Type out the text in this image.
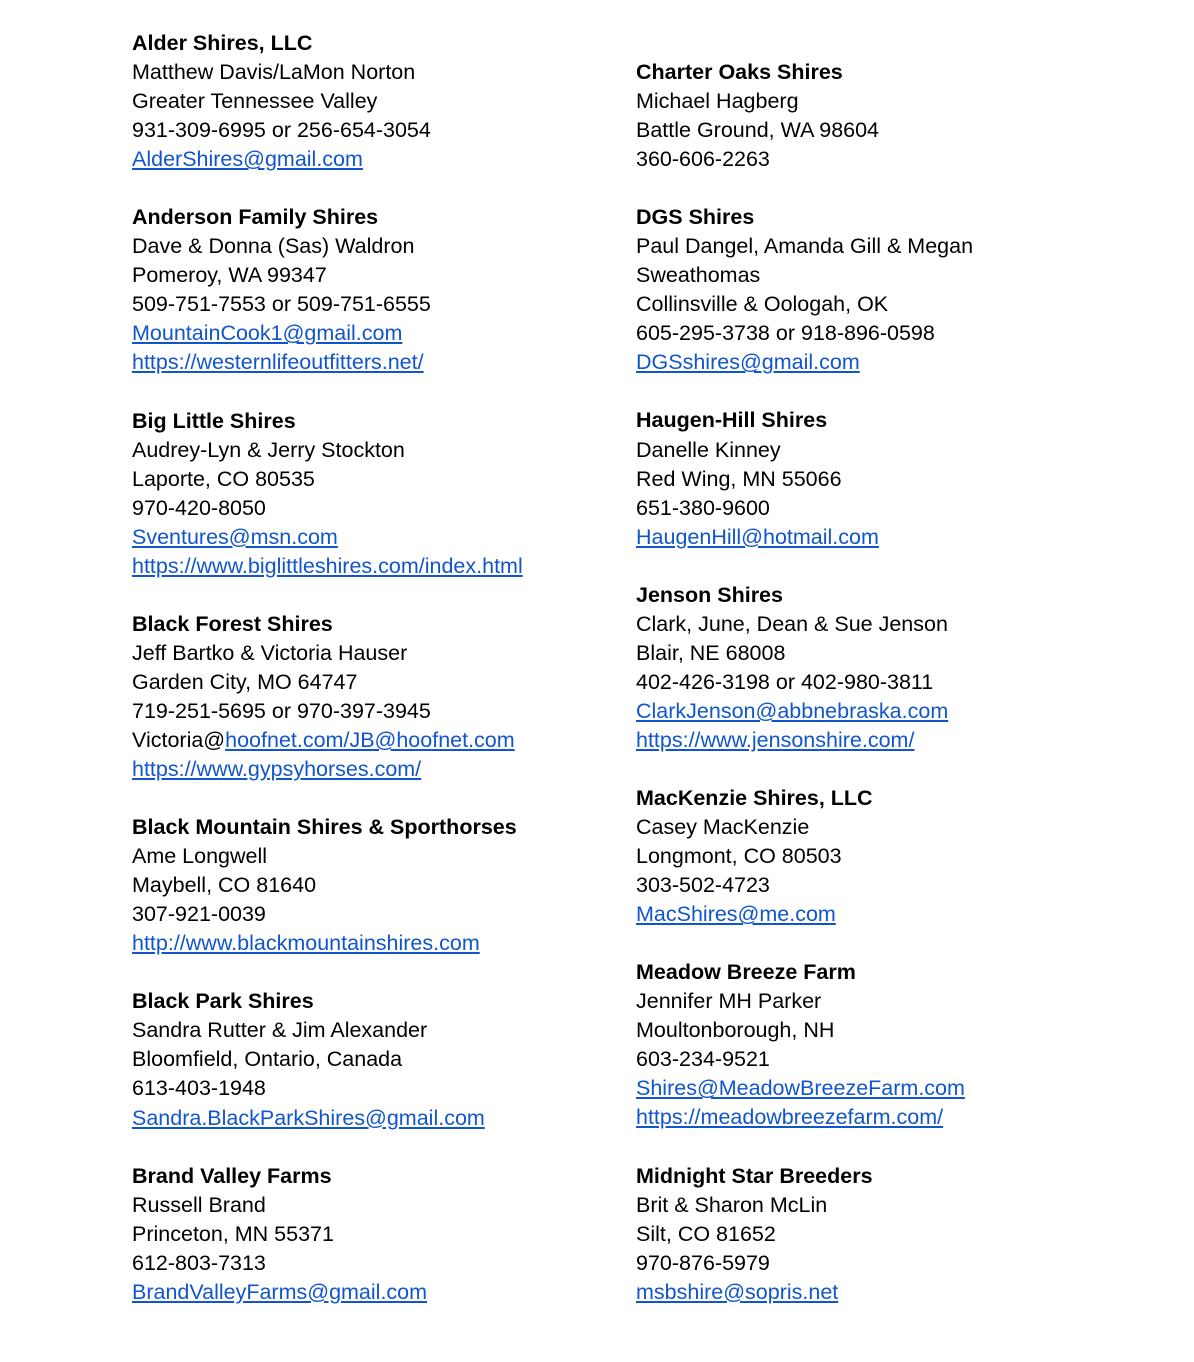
Alder Shires, LLC
Matthew Davis/LaMon Norton
Greater Tennessee Valley
931-309-6995 or 256-654-3054
AlderShires@gmail.com
Anderson Family Shires
Dave & Donna (Sas) Waldron
Pomeroy, WA 99347
509-751-7553 or 509-751-6555
MountainCook1@gmail.com
https://westernlifeoutfitters.net/
Big Little Shires
Audrey-Lyn & Jerry Stockton
Laporte, CO 80535
970-420-8050
Sventures@msn.com
https://www.biglittleshires.com/index.html
Black Forest Shires
Jeff Bartko & Victoria Hauser
Garden City, MO 64747
719-251-5695 or 970-397-3945
Victoria@hoofnet.com/JB@hoofnet.com
https://www.gypsyhorses.com/
Black Mountain Shires & Sporthorses
Ame Longwell
Maybell, CO 81640
307-921-0039
http://www.blackmountainshires.com
Black Park Shires
Sandra Rutter & Jim Alexander
Bloomfield, Ontario, Canada
613-403-1948
Sandra.BlackParkShires@gmail.com
Brand Valley Farms
Russell Brand
Princeton, MN 55371
612-803-7313
BrandValleyFarms@gmail.com
Charter Oaks Shires
Michael Hagberg
Battle Ground, WA 98604
360-606-2263
DGS Shires
Paul Dangel, Amanda Gill & Megan
Sweathomas
Collinsville & Oologah, OK
605-295-3738 or 918-896-0598
DGSshires@gmail.com
Haugen-Hill Shires
Danelle Kinney
Red Wing, MN 55066
651-380-9600
HaugenHill@hotmail.com
Jenson Shires
Clark, June, Dean & Sue Jenson
Blair, NE 68008
402-426-3198 or 402-980-3811
ClarkJenson@abbnebraska.com
https://www.jensonshire.com/
MacKenzie Shires, LLC
Casey MacKenzie
Longmont, CO 80503
303-502-4723
MacShires@me.com
Meadow Breeze Farm
Jennifer MH Parker
Moultonborough, NH
603-234-9521
Shires@MeadowBreezeFarm.com
https://meadowbreezefarm.com/
Midnight Star Breeders
Brit & Sharon McLin
Silt, CO 81652
970-876-5979
msbshire@sopris.net
